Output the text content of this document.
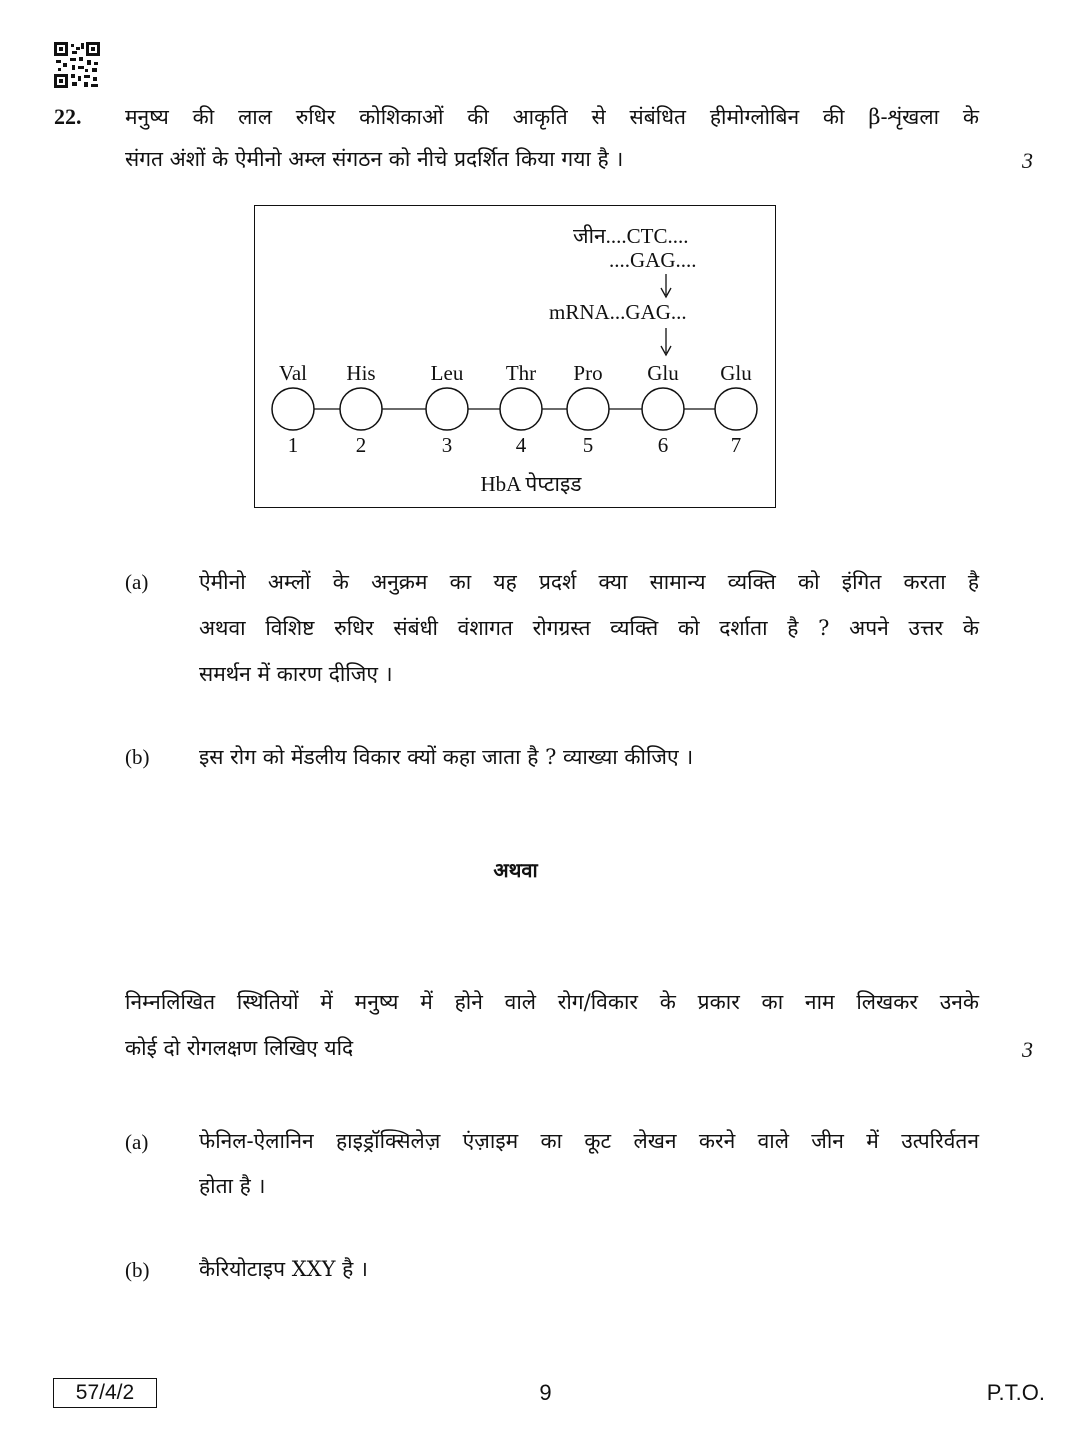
22. मनुष्य की लाल रुधिर कोशिकाओं की आकृति से संबंधित हीमोग्लोबिन की β-शृंखला के
संगत अंशों के ऐमीनो अम्ल संगठन को नीचे प्रदर्शित किया गया है ।	3
जीन....CTC....
....GAG....
mRNA...GAG...
Val His	Leu Thr Pro Glu Glu
1	2	3	4	5	6	7
HbA पेप्टाइड
(a) ऐमीनो अम्लों के अनुक्रम का यह प्रदर्श क्या सामान्य व्यक्ति को इंगित करता है
अथवा विशिष्ट रुधिर संबंधी वंशागत रोगग्रस्त व्यक्ति को दर्शाता है ? अपने उत्तर के
समर्थन में कारण दीजिए ।
(b) इस रोग को मेंडलीय विकार क्यों कहा जाता है ? व्याख्या कीजिए ।
अथवा
निम्नलिखित स्थितियों में मनुष्य में होने वाले रोग/विकार के प्रकार का नाम लिखकर उनके
कोई दो रोगलक्षण लिखिए यदि	3
(a) फेनिल-ऐलानिन हाइड्रॉक्सिलेज़ एंज़ाइम का कूट लेखन करने वाले जीन में उत्परिर्वतन
होता है ।
(b) कैरियोटाइप XXY है ।
57/4/2	9	P.T.O.
